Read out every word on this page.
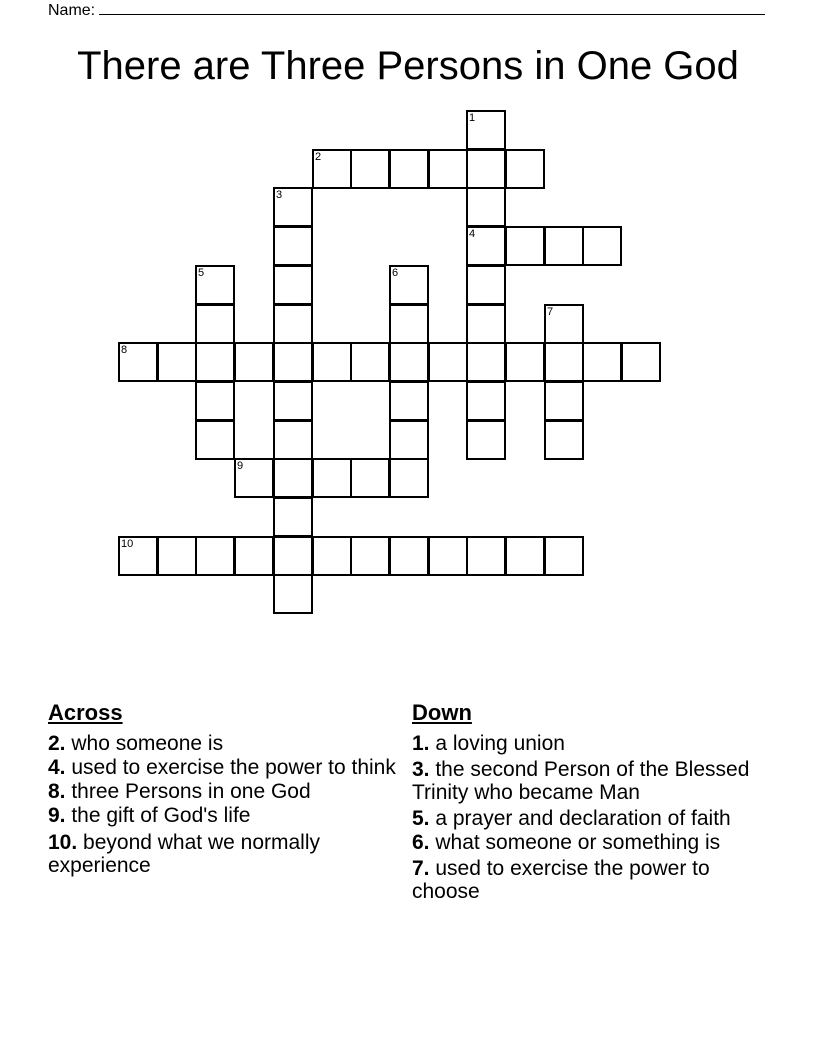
Name:
There are Three Persons in One God
1
2
3
4
5	6
7
8
9
10
Across
2. who someone is
4. used to exercise the power to think
8. three Persons in one God
9. the gift of God's life
10. beyond what we normally experience
Down
1. a loving union
3. the second Person of the Blessed Trinity who became Man
5. a prayer and declaration of faith
6. what someone or something is
7. used to exercise the power to choose
